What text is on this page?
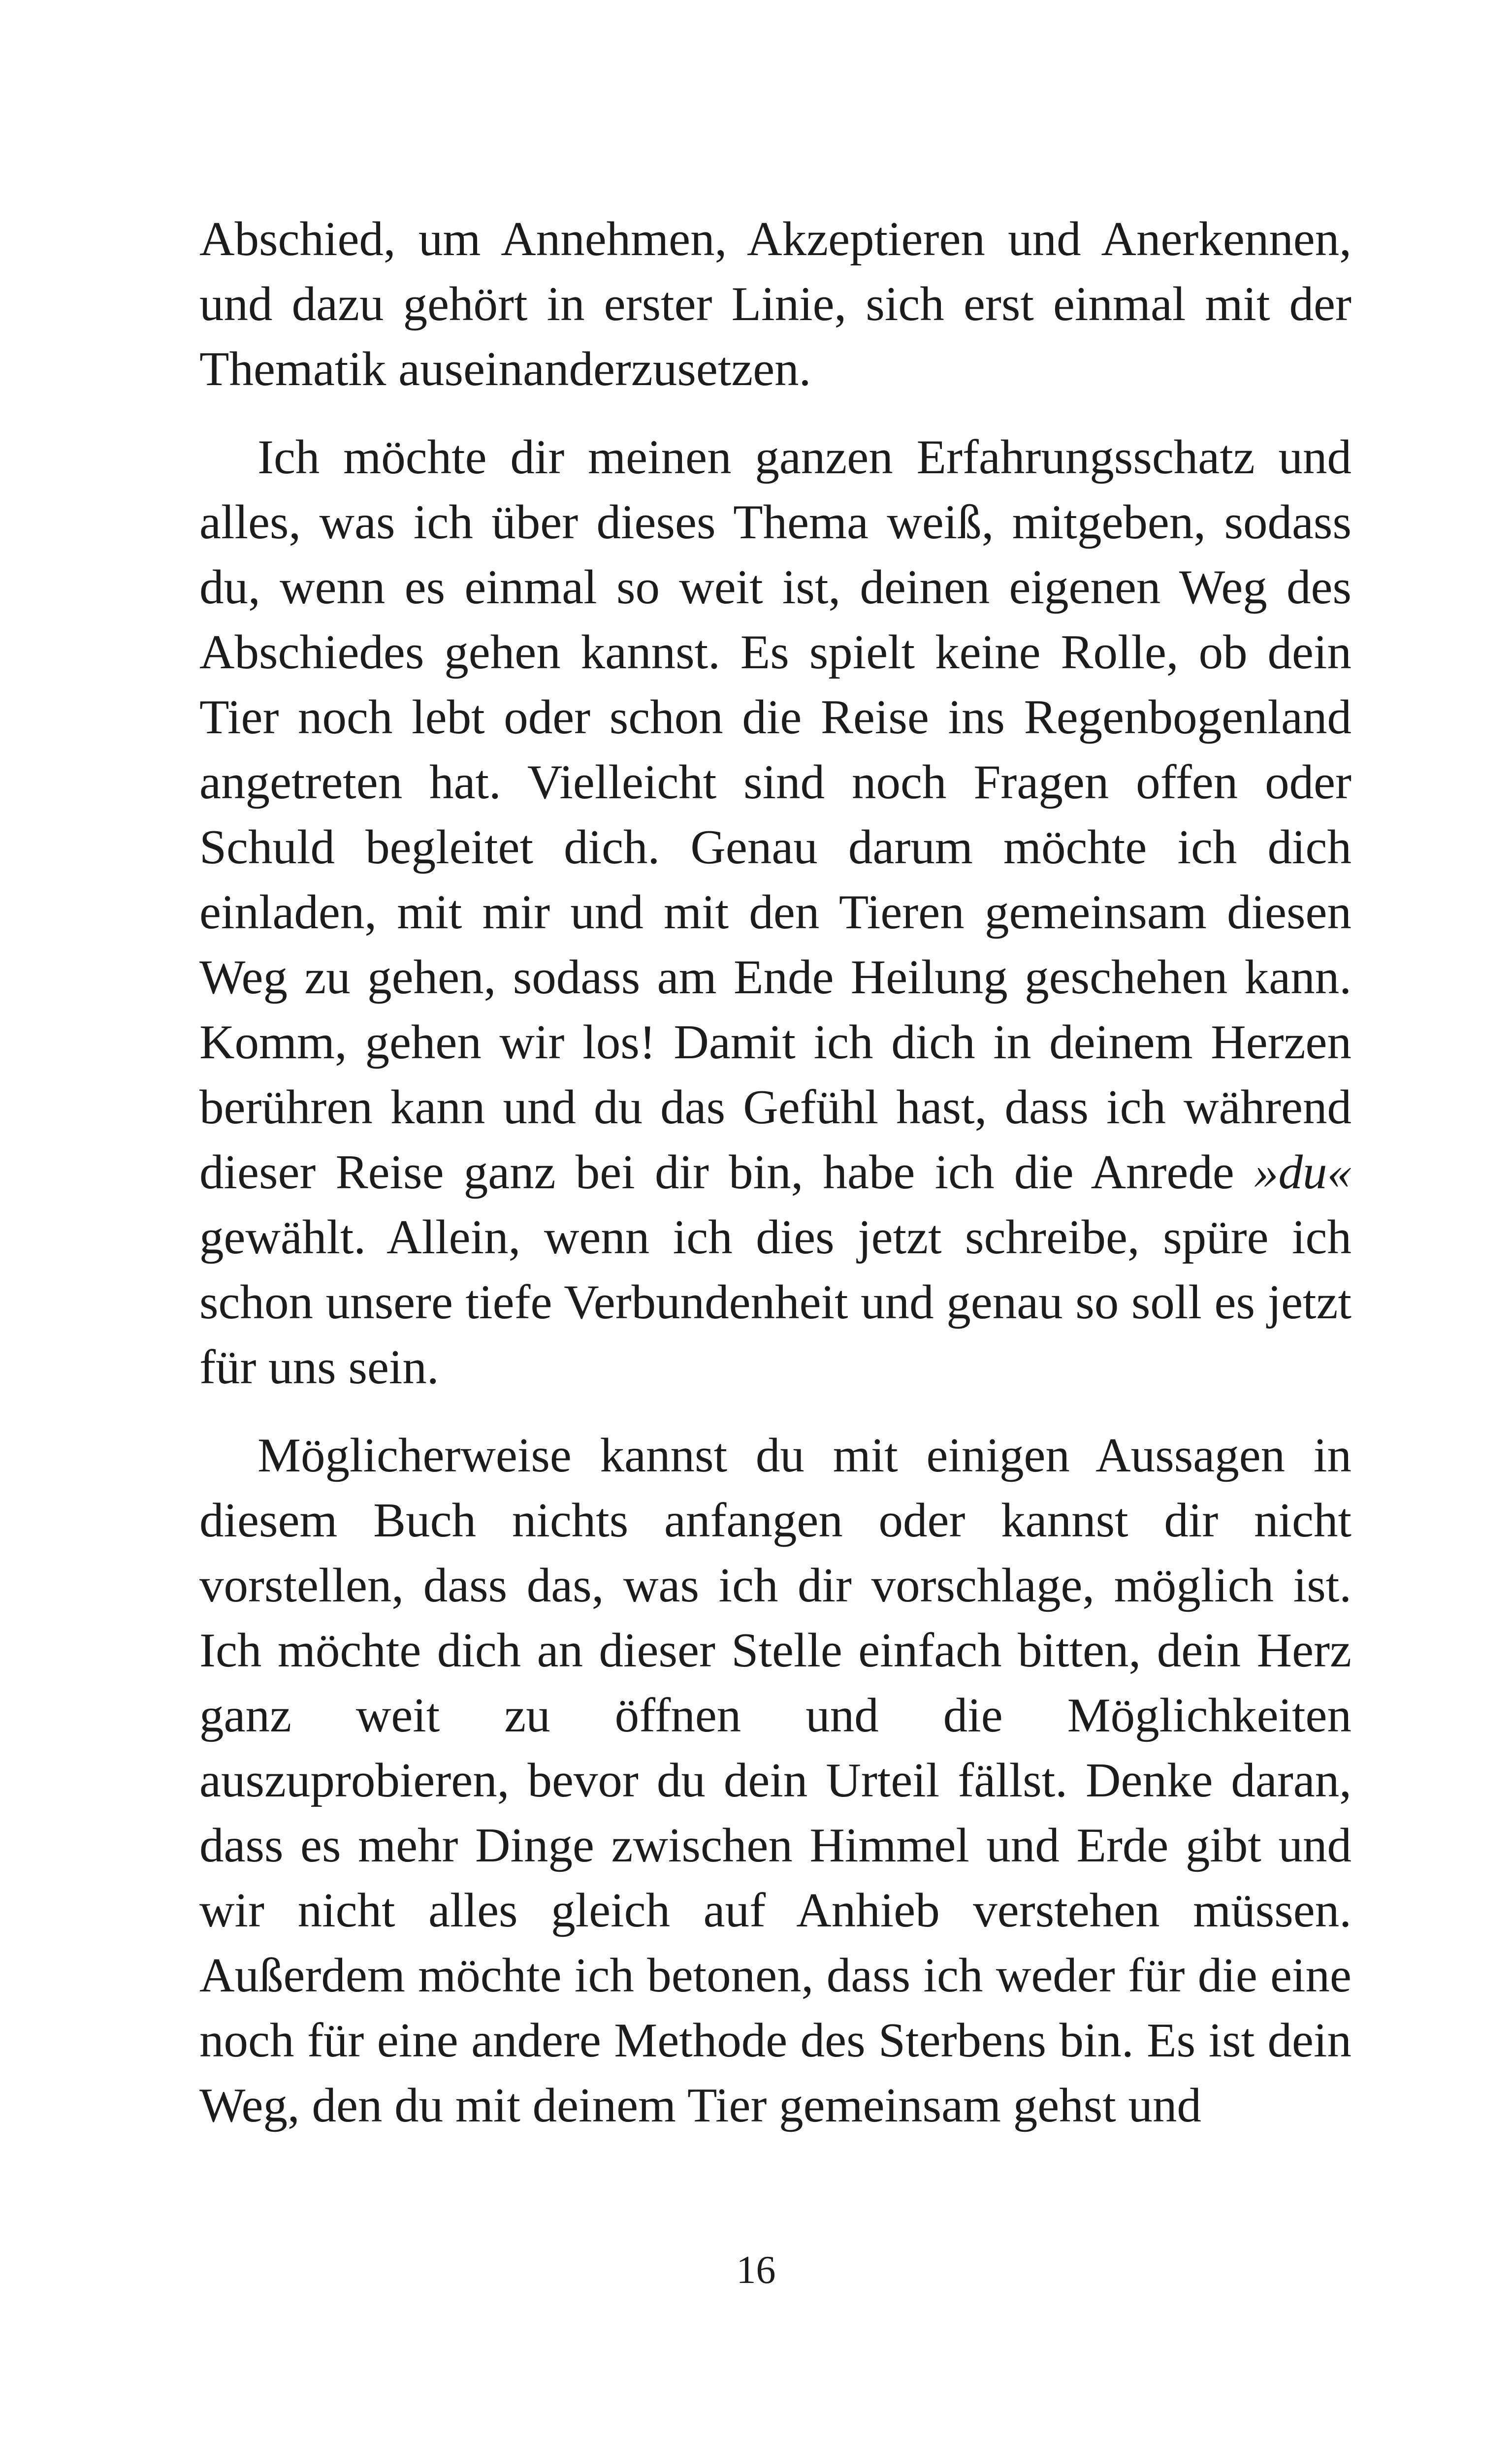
Abschied, um Annehmen, Akzeptieren und Anerkennen, und dazu gehört in erster Linie, sich erst einmal mit der Thematik auseinanderzusetzen.

Ich möchte dir meinen ganzen Erfahrungsschatz und alles, was ich über dieses Thema weiß, mitgeben, sodass du, wenn es einmal so weit ist, deinen eigenen Weg des Abschiedes gehen kannst. Es spielt keine Rolle, ob dein Tier noch lebt oder schon die Reise ins Regenbogenland angetreten hat. Vielleicht sind noch Fragen offen oder Schuld begleitet dich. Genau darum möchte ich dich einladen, mit mir und mit den Tieren gemeinsam diesen Weg zu gehen, sodass am Ende Heilung geschehen kann. Komm, gehen wir los! Damit ich dich in deinem Herzen berühren kann und du das Gefühl hast, dass ich während dieser Reise ganz bei dir bin, habe ich die Anrede »du« gewählt. Allein, wenn ich dies jetzt schreibe, spüre ich schon unsere tiefe Verbundenheit und genau so soll es jetzt für uns sein.

Möglicherweise kannst du mit einigen Aussagen in diesem Buch nichts anfangen oder kannst dir nicht vorstellen, dass das, was ich dir vorschlage, möglich ist. Ich möchte dich an dieser Stelle einfach bitten, dein Herz ganz weit zu öffnen und die Möglichkeiten auszuprobieren, bevor du dein Urteil fällst. Denke daran, dass es mehr Dinge zwischen Himmel und Erde gibt und wir nicht alles gleich auf Anhieb verstehen müssen. Außerdem möchte ich betonen, dass ich weder für die eine noch für eine andere Methode des Sterbens bin. Es ist dein Weg, den du mit deinem Tier gemeinsam gehst und

16
